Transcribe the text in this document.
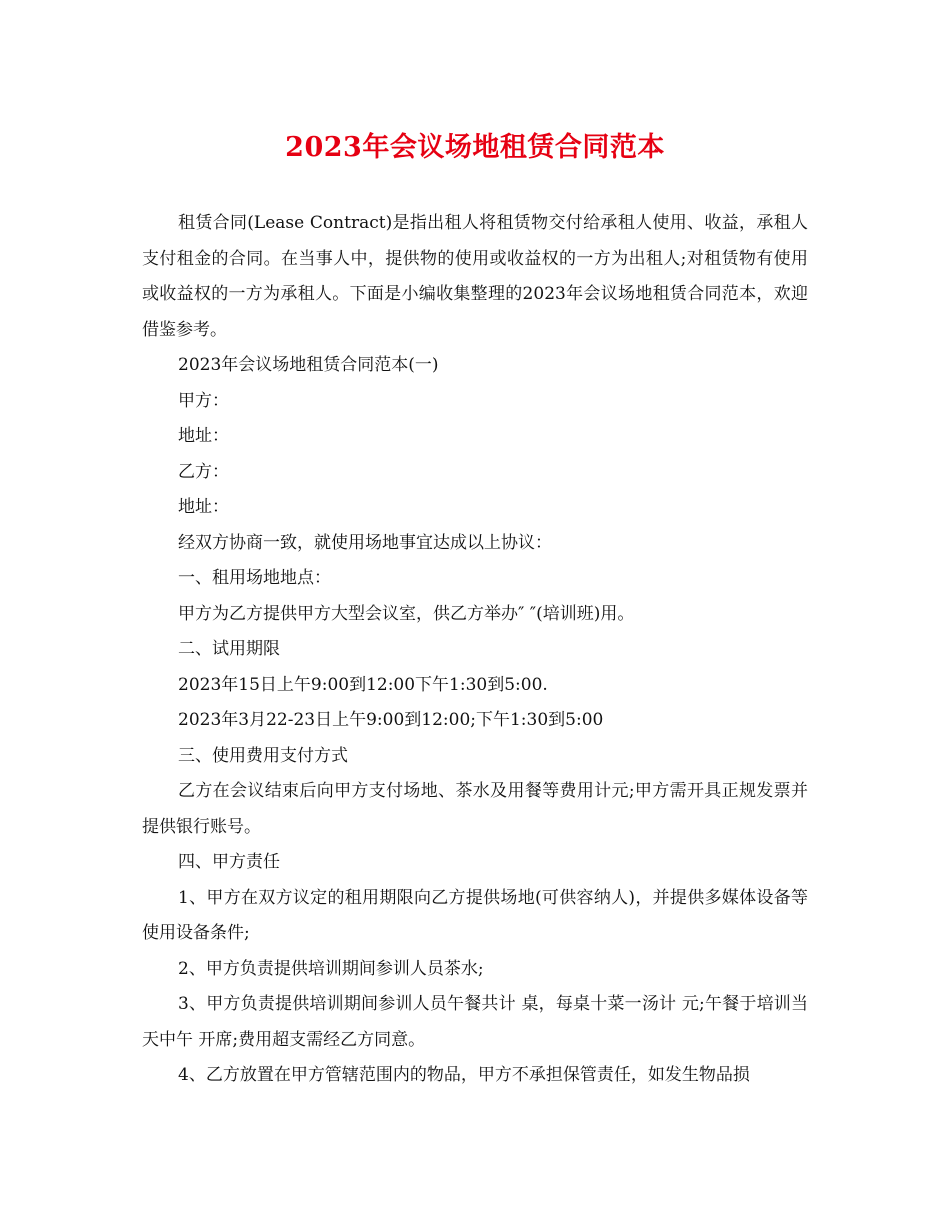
2023年会议场地租赁合同范本

租赁合同(Lease Contract)是指出租人将租赁物交付给承租人使用、收益，承租人支付租金的合同。在当事人中，提供物的使用或收益权的一方为出租人;对租赁物有使用或收益权的一方为承租人。下面是小编收集整理的2023年会议场地租赁合同范本，欢迎借鉴参考。

2023年会议场地租赁合同范本(一)

甲方：

地址：

乙方：

地址：

经双方协商一致，就使用场地事宜达成以上协议：

一、租用场地地点：

甲方为乙方提供甲方大型会议室，供乙方举办″ ″(培训班)用。

二、试用期限

2023年15日上午9:00到12:00下午1:30到5:00.

2023年3月22-23日上午9:00到12:00;下午1:30到5:00

三、使用费用支付方式

乙方在会议结束后向甲方支付场地、茶水及用餐等费用计元;甲方需开具正规发票并提供银行账号。

四、甲方责任

1、甲方在双方议定的租用期限向乙方提供场地(可供容纳人)，并提供多媒体设备等使用设备条件;

2、甲方负责提供培训期间参训人员茶水;

3、甲方负责提供培训期间参训人员午餐共计 桌，每桌十菜一汤计 元;午餐于培训当天中午 开席;费用超支需经乙方同意。

4、乙方放置在甲方管辖范围内的物品，甲方不承担保管责任，如发生物品损
